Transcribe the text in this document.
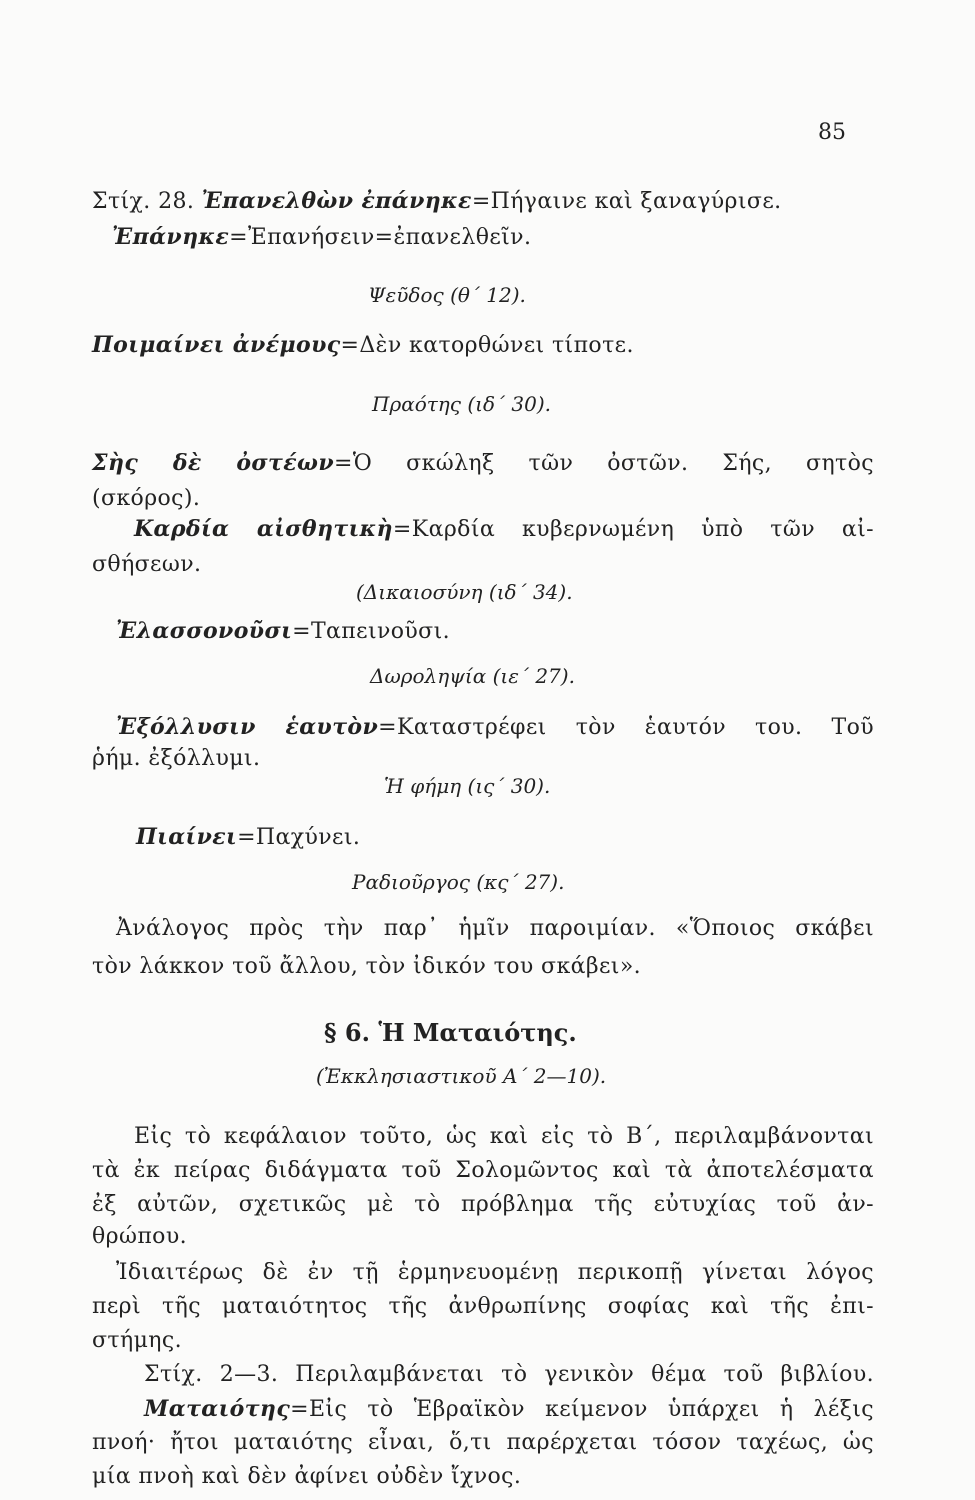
85
Στίχ. 28. Ἐπανελθὼν ἐπάνηκε=Πήγαινε καὶ ξαναγύρισε.
Ἐπάνηκε=Ἐπανήσειν=ἐπανελθεῖν.
Ψεῦδος (θ΄ 12).
Ποιμαίνει ἀνέμους=Δὲν κατορθώνει τίποτε.
Πραότης (ιδ΄ 30).
Σὴς δὲ ὀστέων=Ὁ σκώληξ τῶν ὀστῶν. Σής, σητὸς
(σκόρος).
Καρδία αἰσθητικὴ=Καρδία κυβερνωμένη ὑπὸ τῶν αἰ-
σθήσεων.
(Δικαιοσύνη (ιδ΄ 34).
Ἐλασσονοῦσι=Ταπεινοῦσι.
Δωροληψία (ιε΄ 27).
Ἐξόλλυσιν ἑαυτὸν=Καταστρέφει τὸν ἑαυτόν του. Τοῦ
ῥήμ. ἐξόλλυμι.
Ἡ φήμη (ις΄ 30).
Πιαίνει=Παχύνει.
Ραδιοῦργος (κς΄ 27).
Ἀνάλογος πρὸς τὴν παρ᾽ ἡμῖν παροιμίαν. «Ὅποιος σκάβει
τὸν λάκκον τοῦ ἄλλου, τὸν ἰδικόν του σκάβει».
§ 6. Ἡ Ματαιότης.
(Ἐκκλησιαστικοῦ Α΄ 2—10).
Εἰς τὸ κεφάλαιον τοῦτο, ὡς καὶ εἰς τὸ Β΄, περιλαμβάνονται
τὰ ἐκ πείρας διδάγματα τοῦ Σολομῶντος καὶ τὰ ἀποτελέσματα
ἐξ αὐτῶν, σχετικῶς μὲ τὸ πρόβλημα τῆς εὐτυχίας τοῦ ἀν-
θρώπου.
Ἰδιαιτέρως δὲ ἐν τῇ ἑρμηνευομένῃ περικοπῇ γίνεται λόγος
περὶ τῆς ματαιότητος τῆς ἀνθρωπίνης σοφίας καὶ τῆς ἐπι-
στήμης.
Στίχ. 2—3. Περιλαμβάνεται τὸ γενικὸν θέμα τοῦ βιβλίου.
Ματαιότης=Εἰς τὸ Ἑβραϊκὸν κείμενον ὑπάρχει ἡ λέξις
πνοή· ἤτοι ματαιότης εἶναι, ὅ,τι παρέρχεται τόσον ταχέως, ὡς
μία πνοὴ καὶ δὲν ἀφίνει οὐδὲν ἴχνος.
